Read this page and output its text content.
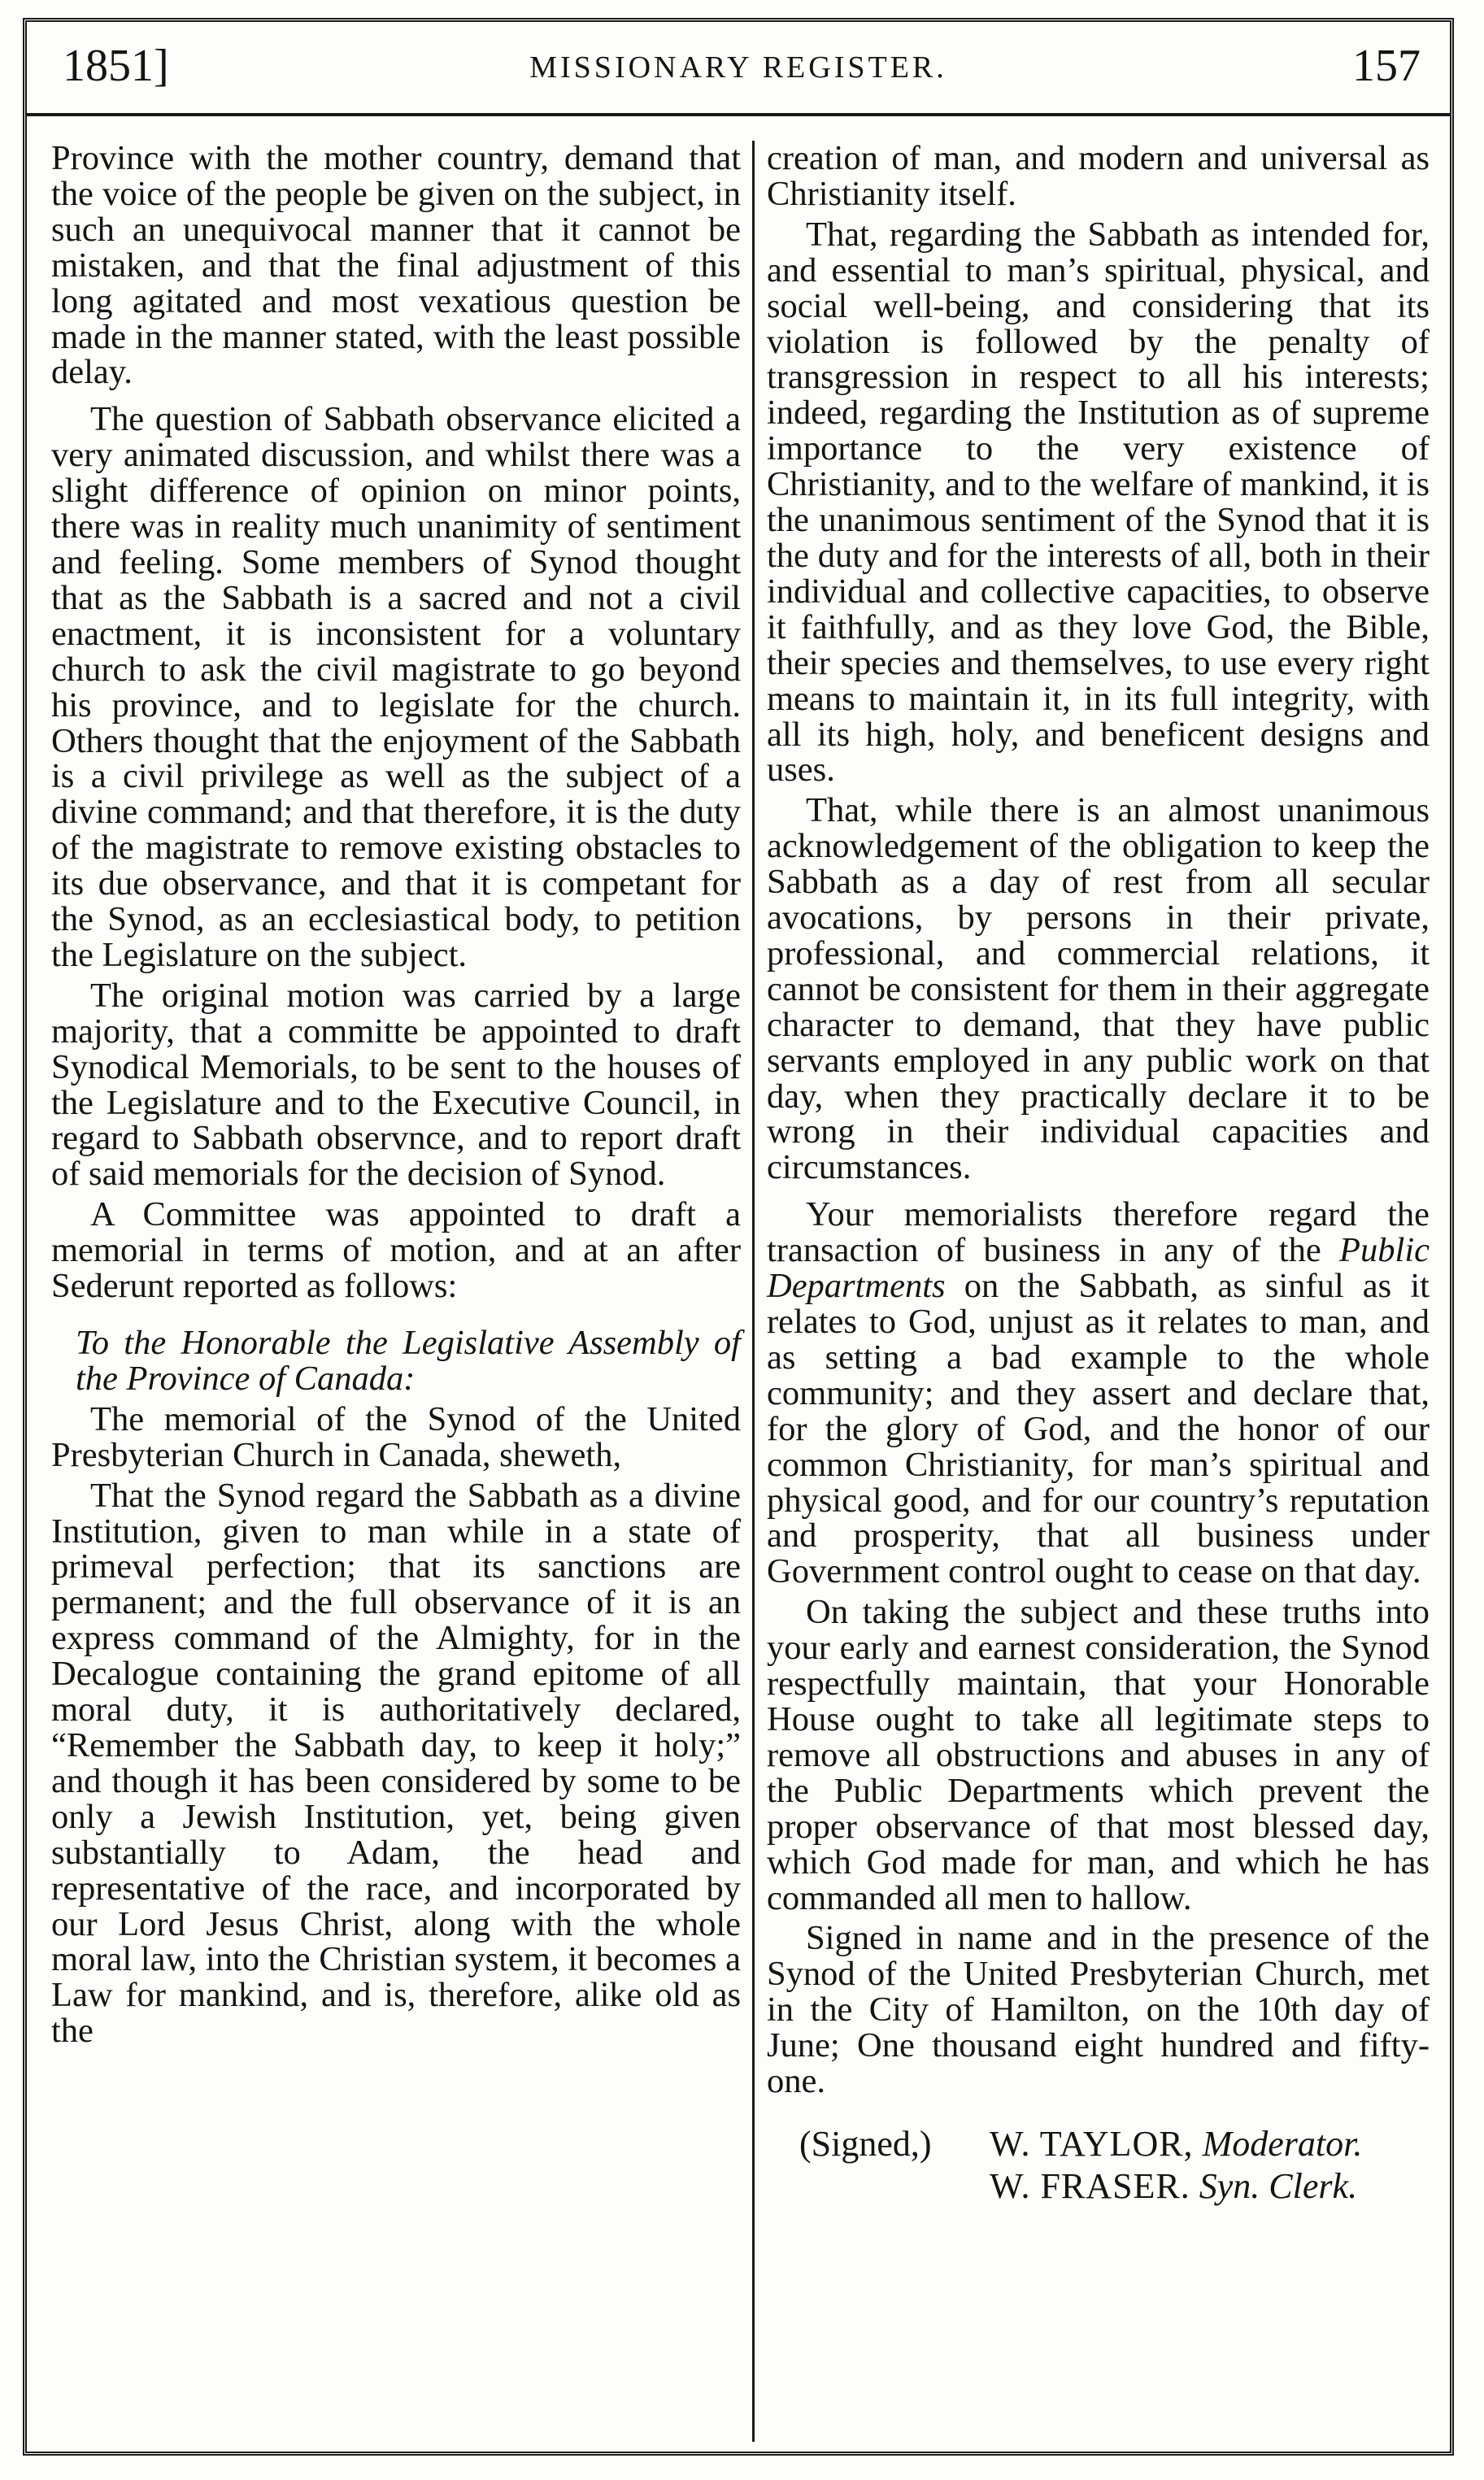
1851]	MISSIONARY REGISTER.	157

Province with the mother country, demand that the voice of the people be given on the subject, in such an unequivocal manner that it cannot be mistaken, and that the final adjustment of this long agitated and most vexatious question be made in the manner stated, with the least possible delay.

The question of Sabbath observance elicited a very animated discussion, and whilst there was a slight difference of opinion on minor points, there was in reality much unanimity of sentiment and feeling. Some members of Synod thought that as the Sabbath is a sacred and not a civil enactment, it is inconsistent for a voluntary church to ask the civil magistrate to go beyond his province, and to legislate for the church. Others thought that the enjoyment of the Sabbath is a civil privilege as well as the subject of a divine command; and that therefore, it is the duty of the magistrate to remove existing obstacles to its due observance, and that it is competant for the Synod, as an ecclesiastical body, to petition the Legislature on the subject.

The original motion was carried by a large majority, that a committe be appointed to draft Synodical Memorials, to be sent to the houses of the Legislature and to the Executive Council, in regard to Sabbath observnce, and to report draft of said memorials for the decision of Synod.

A Committee was appointed to draft a memorial in terms of motion, and at an after Sederunt reported as follows:

To the Honorable the Legislative Assembly of the Province of Canada:

The memorial of the Synod of the United Presbyterian Church in Canada, sheweth,

That the Synod regard the Sabbath as a divine Institution, given to man while in a state of primeval perfection; that its sanctions are permanent; and the full observance of it is an express command of the Almighty, for in the Decalogue containing the grand epitome of all moral duty, it is authoritatively declared, “Remember the Sabbath day, to keep it holy;” and though it has been considered by some to be only a Jewish Institution, yet, being given substantially to Adam, the head and representative of the race, and incorporated by our Lord Jesus Christ, along with the whole moral law, into the Christian system, it becomes a Law for mankind, and is, therefore, alike old as the

creation of man, and modern and universal as Christianity itself.

That, regarding the Sabbath as intended for, and essential to man’s spiritual, physical, and social well-being, and considering that its violation is followed by the penalty of transgression in respect to all his interests; indeed, regarding the Institution as of supreme importance to the very existence of Christianity, and to the welfare of mankind, it is the unanimous sentiment of the Synod that it is the duty and for the interests of all, both in their individual and collective capacities, to observe it faithfully, and as they love God, the Bible, their species and themselves, to use every right means to maintain it, in its full integrity, with all its high, holy, and beneficent designs and uses.

That, while there is an almost unanimous acknowledgement of the obligation to keep the Sabbath as a day of rest from all secular avocations, by persons in their private, professional, and commercial relations, it cannot be consistent for them in their aggregate character to demand, that they have public servants employed in any public work on that day, when they practically declare it to be wrong in their individual capacities and circumstances.

Your memorialists therefore regard the transaction of business in any of the Public Departments on the Sabbath, as sinful as it relates to God, unjust as it relates to man, and as setting a bad example to the whole community; and they assert and declare that, for the glory of God, and the honor of our common Christianity, for man’s spiritual and physical good, and for our country’s reputation and prosperity, that all business under Government control ought to cease on that day.

On taking the subject and these truths into your early and earnest consideration, the Synod respectfully maintain, that your Honorable House ought to take all legitimate steps to remove all obstructions and abuses in any of the Public Departments which prevent the proper observance of that most blessed day, which God made for man, and which he has commanded all men to hallow.

Signed in name and in the presence of the Synod of the United Presbyterian Church, met in the City of Hamilton, on the 10th day of June; One thousand eight hundred and fifty-one.

(Signed,) W. TAYLOR, Moderator.
W. FRASER. Syn. Clerk.
